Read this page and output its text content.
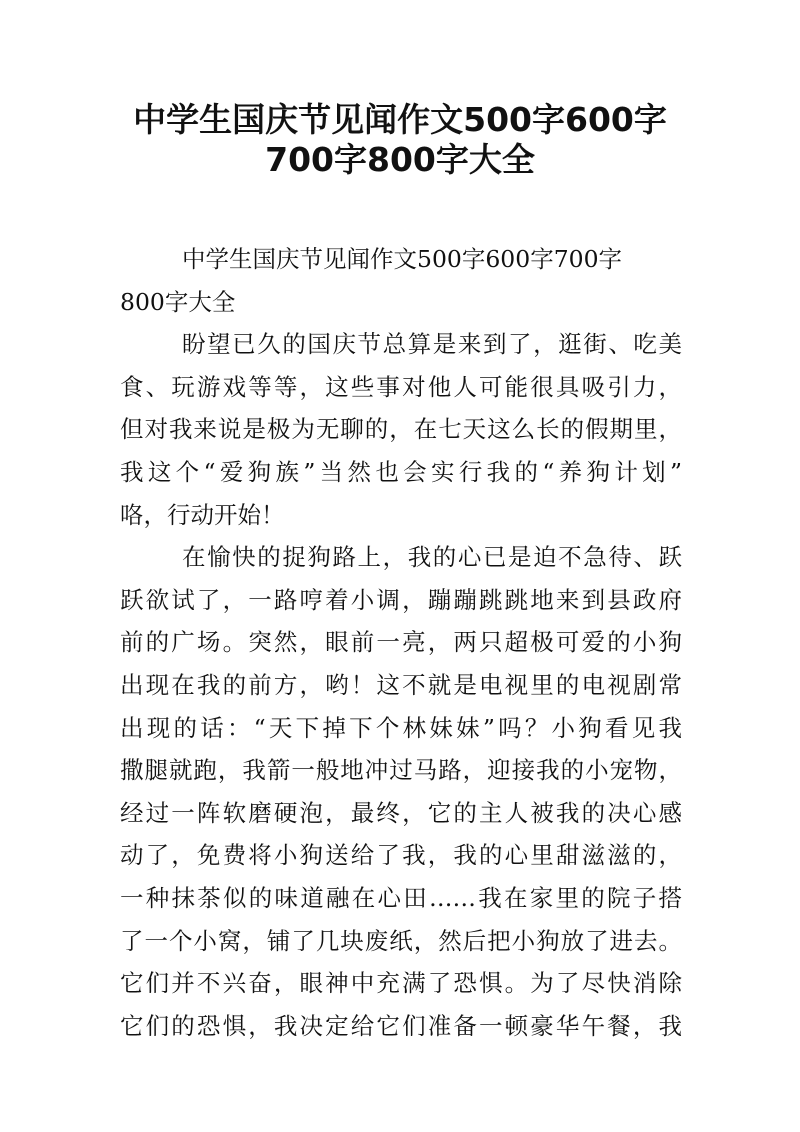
中学生国庆节见闻作文500字600字
700字800字大全
中学生国庆节见闻作文500字600字700字
800字大全
盼望已久的国庆节总算是来到了，逛街、吃美
食、玩游戏等等，这些事对他人可能很具吸引力，
但对我来说是极为无聊的，在七天这么长的假期里，
我这个“爱狗族”当然也会实行我的“养狗计划”
咯，行动开始！
在愉快的捉狗路上，我的心已是迫不急待、跃
跃欲试了，一路哼着小调，蹦蹦跳跳地来到县政府
前的广场。突然，眼前一亮，两只超极可爱的小狗
出现在我的前方，哟！这不就是电视里的电视剧常
出现的话：“天下掉下个林妹妹”吗？小狗看见我
撒腿就跑，我箭一般地冲过马路，迎接我的小宠物，
经过一阵软磨硬泡，最终，它的主人被我的决心感
动了，免费将小狗送给了我，我的心里甜滋滋的，
一种抹茶似的味道融在心田……我在家里的院子搭
了一个小窝，铺了几块废纸，然后把小狗放了进去。
它们并不兴奋，眼神中充满了恐惧。为了尽快消除
它们的恐惧，我决定给它们准备一顿豪华午餐，我
